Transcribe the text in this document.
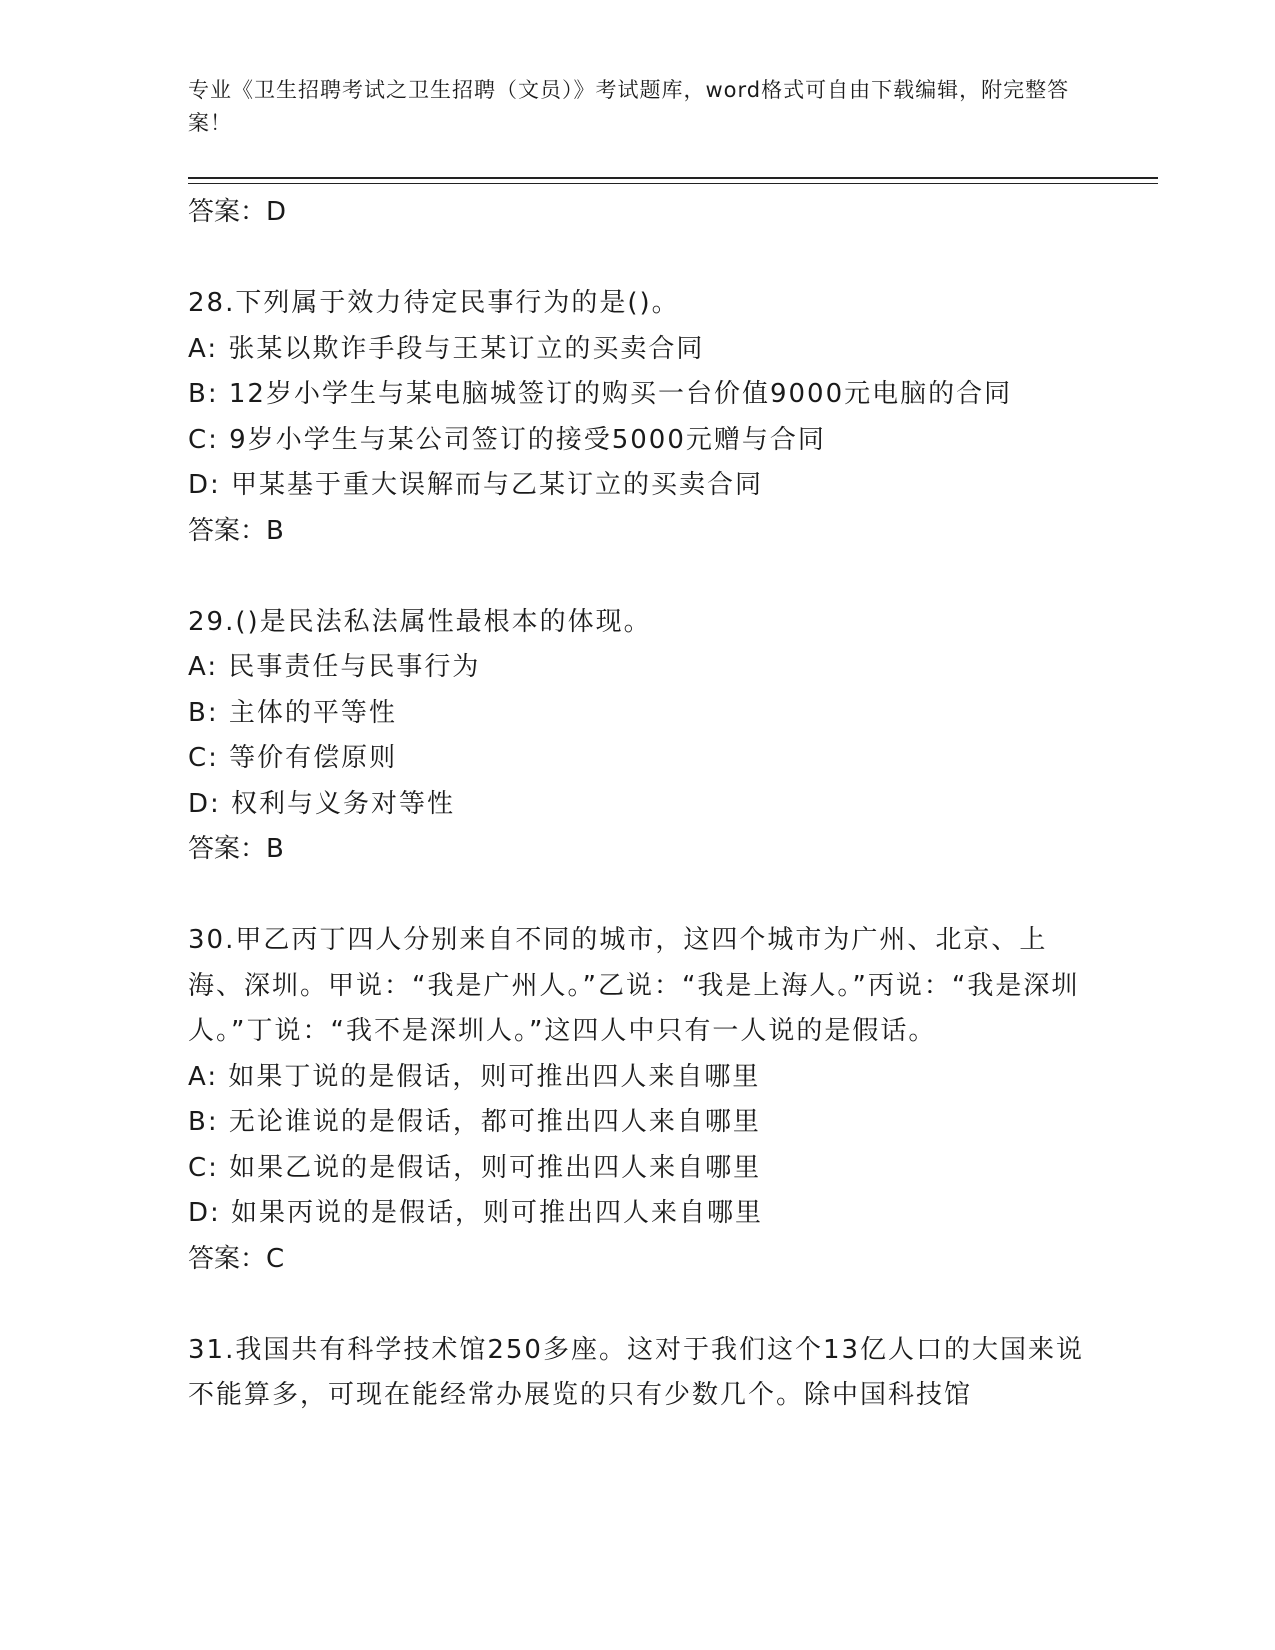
专业《卫生招聘考试之卫生招聘（文员）》考试题库，word格式可自由下载编辑，附完整答案！
答案：D
28.下列属于效力待定民事行为的是()。
A: 张某以欺诈手段与王某订立的买卖合同
B: 12岁小学生与某电脑城签订的购买一台价值9000元电脑的合同
C: 9岁小学生与某公司签订的接受5000元赠与合同
D: 甲某基于重大误解而与乙某订立的买卖合同
答案：B
29.()是民法私法属性最根本的体现。
A: 民事责任与民事行为
B: 主体的平等性
C: 等价有偿原则
D: 权利与义务对等性
答案：B
30.甲乙丙丁四人分别来自不同的城市，这四个城市为广州、北京、上海、深圳。甲说：“我是广州人。”乙说：“我是上海人。”丙说：“我是深圳人。”丁说：“我不是深圳人。”这四人中只有一人说的是假话。
A: 如果丁说的是假话，则可推出四人来自哪里
B: 无论谁说的是假话，都可推出四人来自哪里
C: 如果乙说的是假话，则可推出四人来自哪里
D: 如果丙说的是假话，则可推出四人来自哪里
答案：C
31.我国共有科学技术馆250多座。这对于我们这个13亿人口的大国来说不能算多，可现在能经常办展览的只有少数几个。除中国科技馆
